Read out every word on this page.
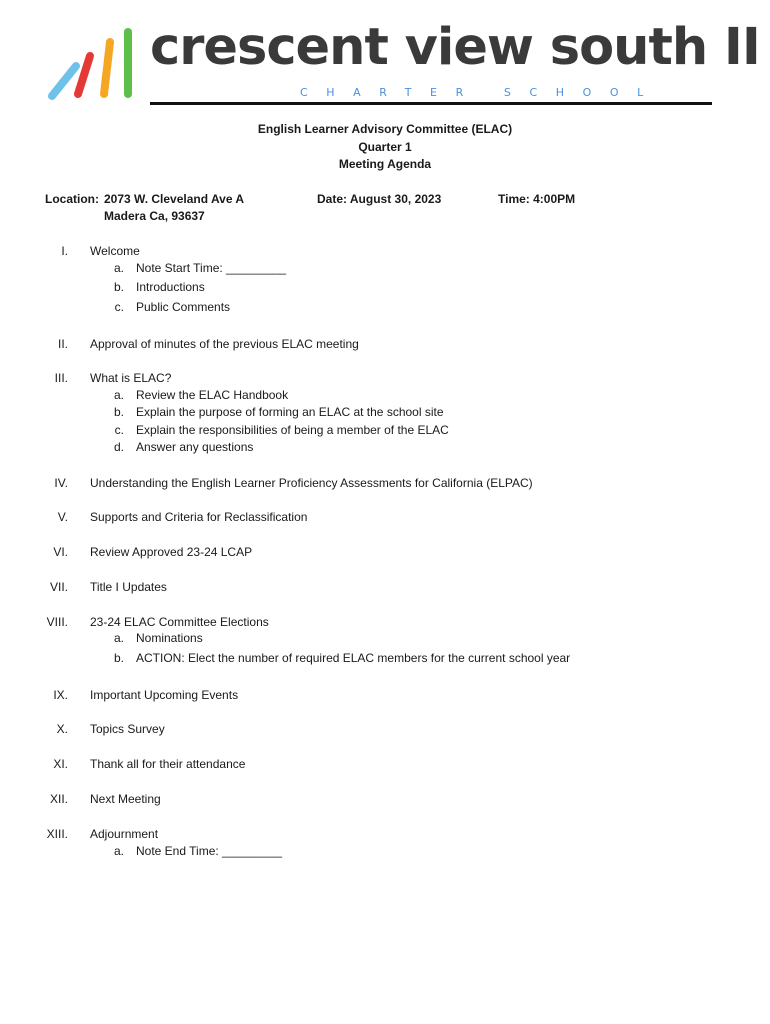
crescent view south II
CHARTER SCHOOL
English Learner Advisory Committee (ELAC)
Quarter 1
Meeting Agenda
Location: 2073 W. Cleveland Ave A
Madera Ca, 93637
Date: August 30, 2023	Time: 4:00PM
I. Welcome
a. Note Start Time: _________
b. Introductions
c. Public Comments
II. Approval of minutes of the previous ELAC meeting
III. What is ELAC?
a. Review the ELAC Handbook
b. Explain the purpose of forming an ELAC at the school site
c. Explain the responsibilities of being a member of the ELAC
d. Answer any questions
IV. Understanding the English Learner Proficiency Assessments for California (ELPAC)
V. Supports and Criteria for Reclassification
VI. Review Approved 23-24 LCAP
VII. Title I Updates
VIII. 23-24 ELAC Committee Elections
a. Nominations
b. ACTION: Elect the number of required ELAC members for the current school year
IX. Important Upcoming Events
X. Topics Survey
XI. Thank all for their attendance
XII. Next Meeting
XIII. Adjournment
a. Note End Time: _________
